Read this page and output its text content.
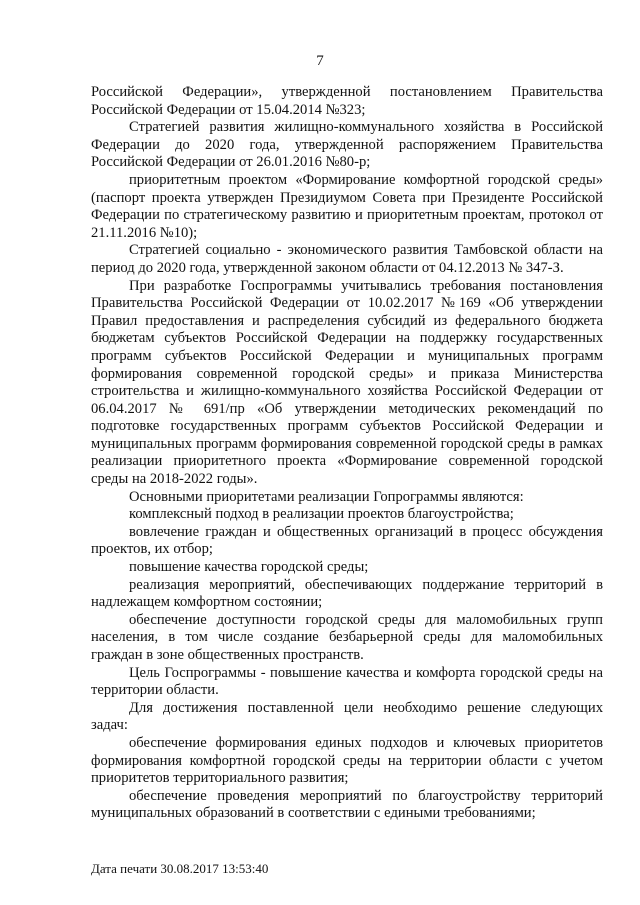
7

Российской Федерации», утвержденной постановлением Правительства Российской Федерации от 15.04.2014 №323;

Стратегией развития жилищно-коммунального хозяйства в Российской Федерации до 2020 года, утвержденной распоряжением Правительства Российской Федерации от 26.01.2016 №80-р;

приоритетным проектом «Формирование комфортной городской среды» (паспорт проекта утвержден Президиумом Совета при Президенте Российской Федерации по стратегическому развитию и приоритетным проектам, протокол от 21.11.2016 №10);

Стратегией социально - экономического развития Тамбовской области на период до 2020 года, утвержденной законом области от 04.12.2013 № 347-З.

При разработке Госпрограммы учитывались требования постановления Правительства Российской Федерации от 10.02.2017 №169 «Об утверждении Правил предоставления и распределения субсидий из федерального бюджета бюджетам субъектов Российской Федерации на поддержку государственных программ субъектов Российской Федерации и муниципальных программ формирования современной городской среды» и приказа Министерства строительства и жилищно-коммунального хозяйства Российской Федерации от 06.04.2017 № 691/пр «Об утверждении методических рекомендаций по подготовке государственных программ субъектов Российской Федерации и муниципальных программ формирования современной городской среды в рамках реализации приоритетного проекта «Формирование современной городской среды на 2018-2022 годы».

Основными приоритетами реализации Гопрограммы являются:

комплексный подход в реализации проектов благоустройства;

вовлечение граждан и общественных организаций в процесс обсуждения проектов, их отбор;

повышение качества городской среды;

реализация мероприятий, обеспечивающих поддержание территорий в надлежащем комфортном состоянии;

обеспечение доступности городской среды для маломобильных групп населения, в том числе создание безбарьерной среды для маломобильных граждан в зоне общественных пространств.

Цель Госпрограммы - повышение качества и комфорта городской среды на территории области.

Для достижения поставленной цели необходимо решение следующих задач:

обеспечение формирования единых подходов и ключевых приоритетов формирования комфортной городской среды на территории области с учетом приоритетов территориального развития;

обеспечение проведения мероприятий по благоустройству территорий муниципальных образований в соответствии с едиными требованиями;

Дата печати 30.08.2017 13:53:40
